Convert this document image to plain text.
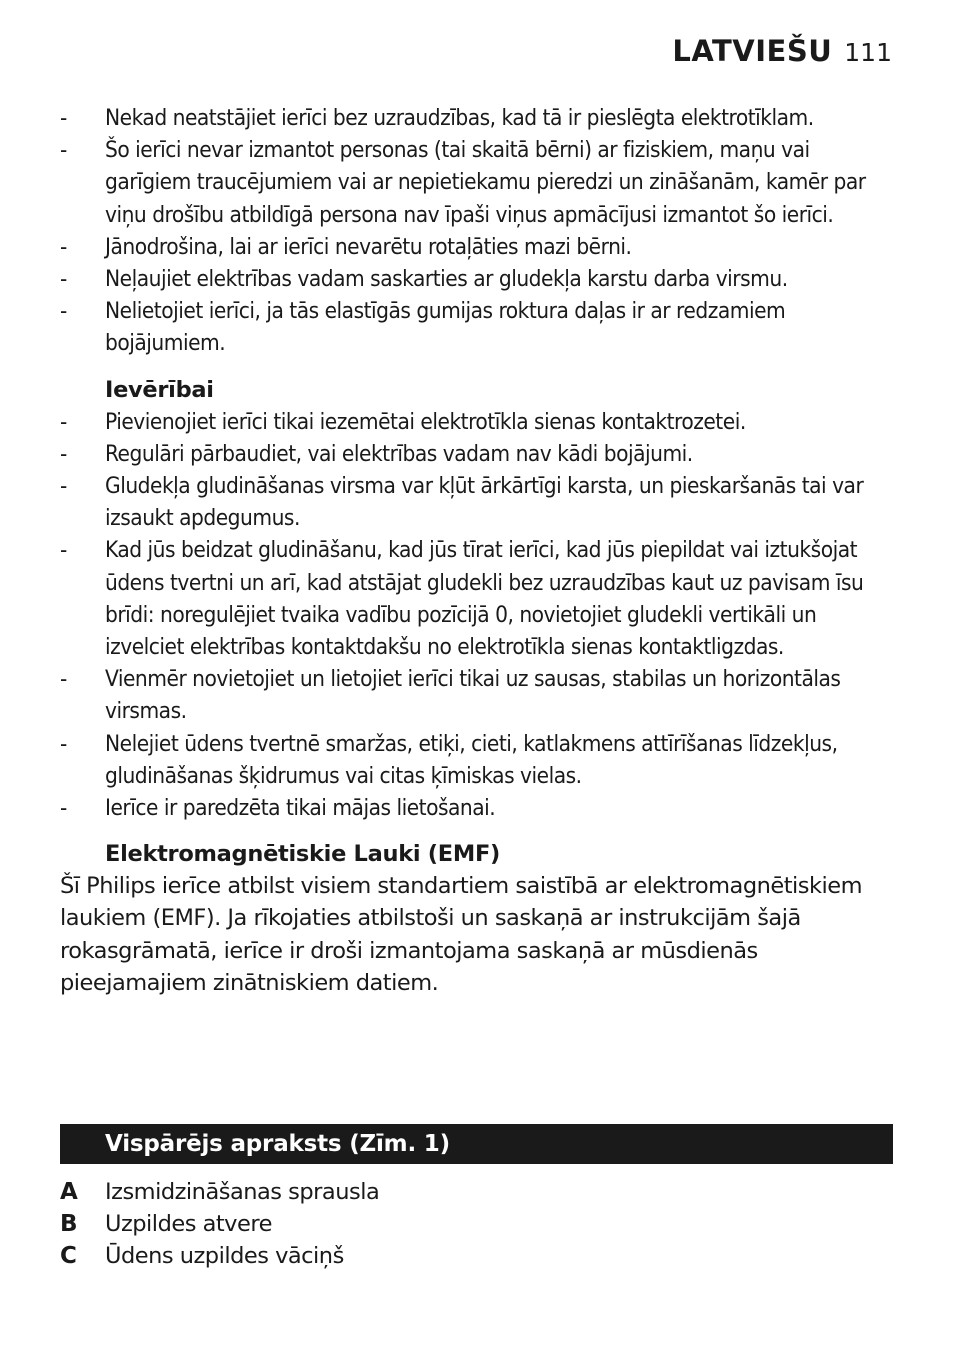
LATVIEŠU 111
- Nekad neatstājiet ierīci bez uzraudzības, kad tā ir pieslēgta elektrotīklam.
- Šo ierīci nevar izmantot personas (tai skaitā bērni) ar fiziskiem, maņu vai garīgiem traucējumiem vai ar nepietiekamu pieredzi un zināšanām, kamēr par viņu drošību atbildīgā persona nav īpaši viņus apmācījusi izmantot šo ierīci.
- Jānodrošina, lai ar ierīci nevarētu rotaļāties mazi bērni.
- Neļaujiet elektrības vadam saskarties ar gludekļa karstu darba virsmu.
- Nelietojiet ierīci, ja tās elastīgās gumijas roktura daļas ir ar redzamiem bojājumiem.
Ievērībai
- Pievienojiet ierīci tikai iezemētai elektrotīkla sienas kontaktrozetei.
- Regulāri pārbaudiet, vai elektrības vadam nav kādi bojājumi.
- Gludekļa gludināšanas virsma var kļūt ārkārtīgi karsta, un pieskaršanās tai var izsaukt apdegumus.
- Kad jūs beidzat gludināšanu, kad jūs tīrat ierīci, kad jūs piepildat vai iztukšojat ūdens tvertni un arī, kad atstājat gludekli bez uzraudzības kaut uz pavisam īsu brīdi: noregulējiet tvaika vadību pozīcijā 0, novietojiet gludekli vertikāli un izvelciet elektrības kontaktdakšu no elektrotīkla sienas kontaktligzdas.
- Vienmēr novietojiet un lietojiet ierīci tikai uz sausas, stabilas un horizontālas virsmas.
- Nelejiet ūdens tvertnē smaržas, etiķi, cieti, katlakmens attīrīšanas līdzekļus, gludināšanas šķidrumus vai citas ķīmiskas vielas.
- Ierīce ir paredzēta tikai mājas lietošanai.
Elektromagnētiskie Lauki (EMF)

Šī Philips ierīce atbilst visiem standartiem saistībā ar elektromagnētiskiem laukiem (EMF). Ja rīkojaties atbilstoši un saskaņā ar instrukcijām šajā rokasgrāmatā, ierīce ir droši izmantojama saskaņā ar mūsdienās pieejamajiem zinātniskiem datiem.

Vispārējs apraksts (Zīm. 1)
A Izsmidzināšanas sprausla
B Uzpildes atvere
C Ūdens uzpildes vāciņš
